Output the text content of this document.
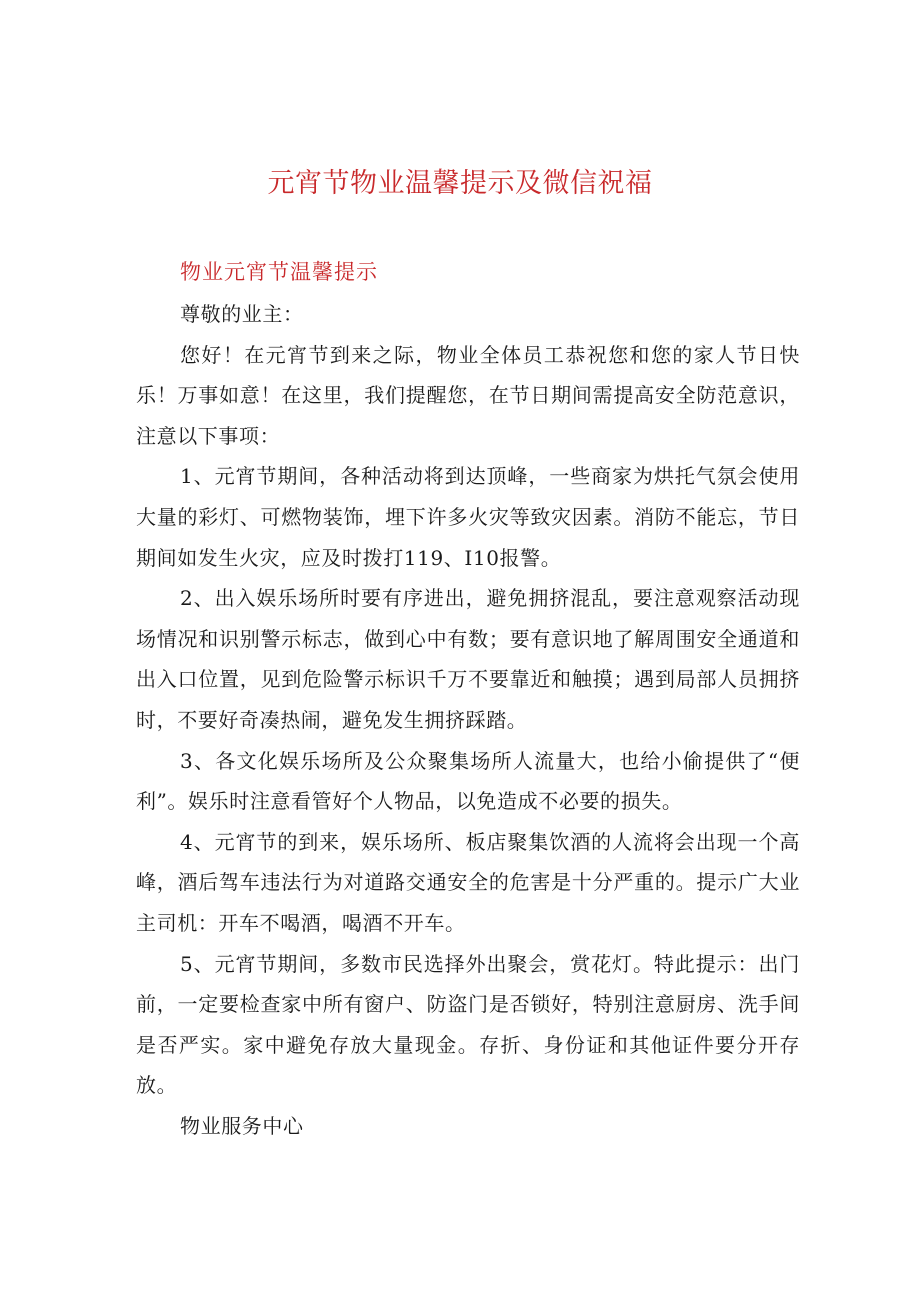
元宵节物业温馨提示及微信祝福
物业元宵节温馨提示

尊敬的业主：

您好！在元宵节到来之际，物业全体员工恭祝您和您的家人节日快乐！万事如意！在这里，我们提醒您，在节日期间需提高安全防范意识，注意以下事项：

1、元宵节期间，各种活动将到达顶峰，一些商家为烘托气氛会使用大量的彩灯、可燃物装饰，埋下许多火灾等致灾因素。消防不能忘，节日期间如发生火灾，应及时拨打119、I10报警。

2、出入娱乐场所时要有序进出，避免拥挤混乱，要注意观察活动现场情况和识别警示标志，做到心中有数；要有意识地了解周围安全通道和出入口位置，见到危险警示标识千万不要靠近和触摸；遇到局部人员拥挤时，不要好奇凑热闹，避免发生拥挤踩踏。

3、各文化娱乐场所及公众聚集场所人流量大，也给小偷提供了“便利”。娱乐时注意看管好个人物品，以免造成不必要的损失。

4、元宵节的到来，娱乐场所、板店聚集饮酒的人流将会出现一个高峰，酒后驾车违法行为对道路交通安全的危害是十分严重的。提示广大业主司机：开车不喝酒，喝酒不开车。

5、元宵节期间，多数市民选择外出聚会，赏花灯。特此提示：出门前，一定要检查家中所有窗户、防盗门是否锁好，特别注意厨房、洗手间是否严实。家中避免存放大量现金。存折、身份证和其他证件要分开存放。

物业服务中心
